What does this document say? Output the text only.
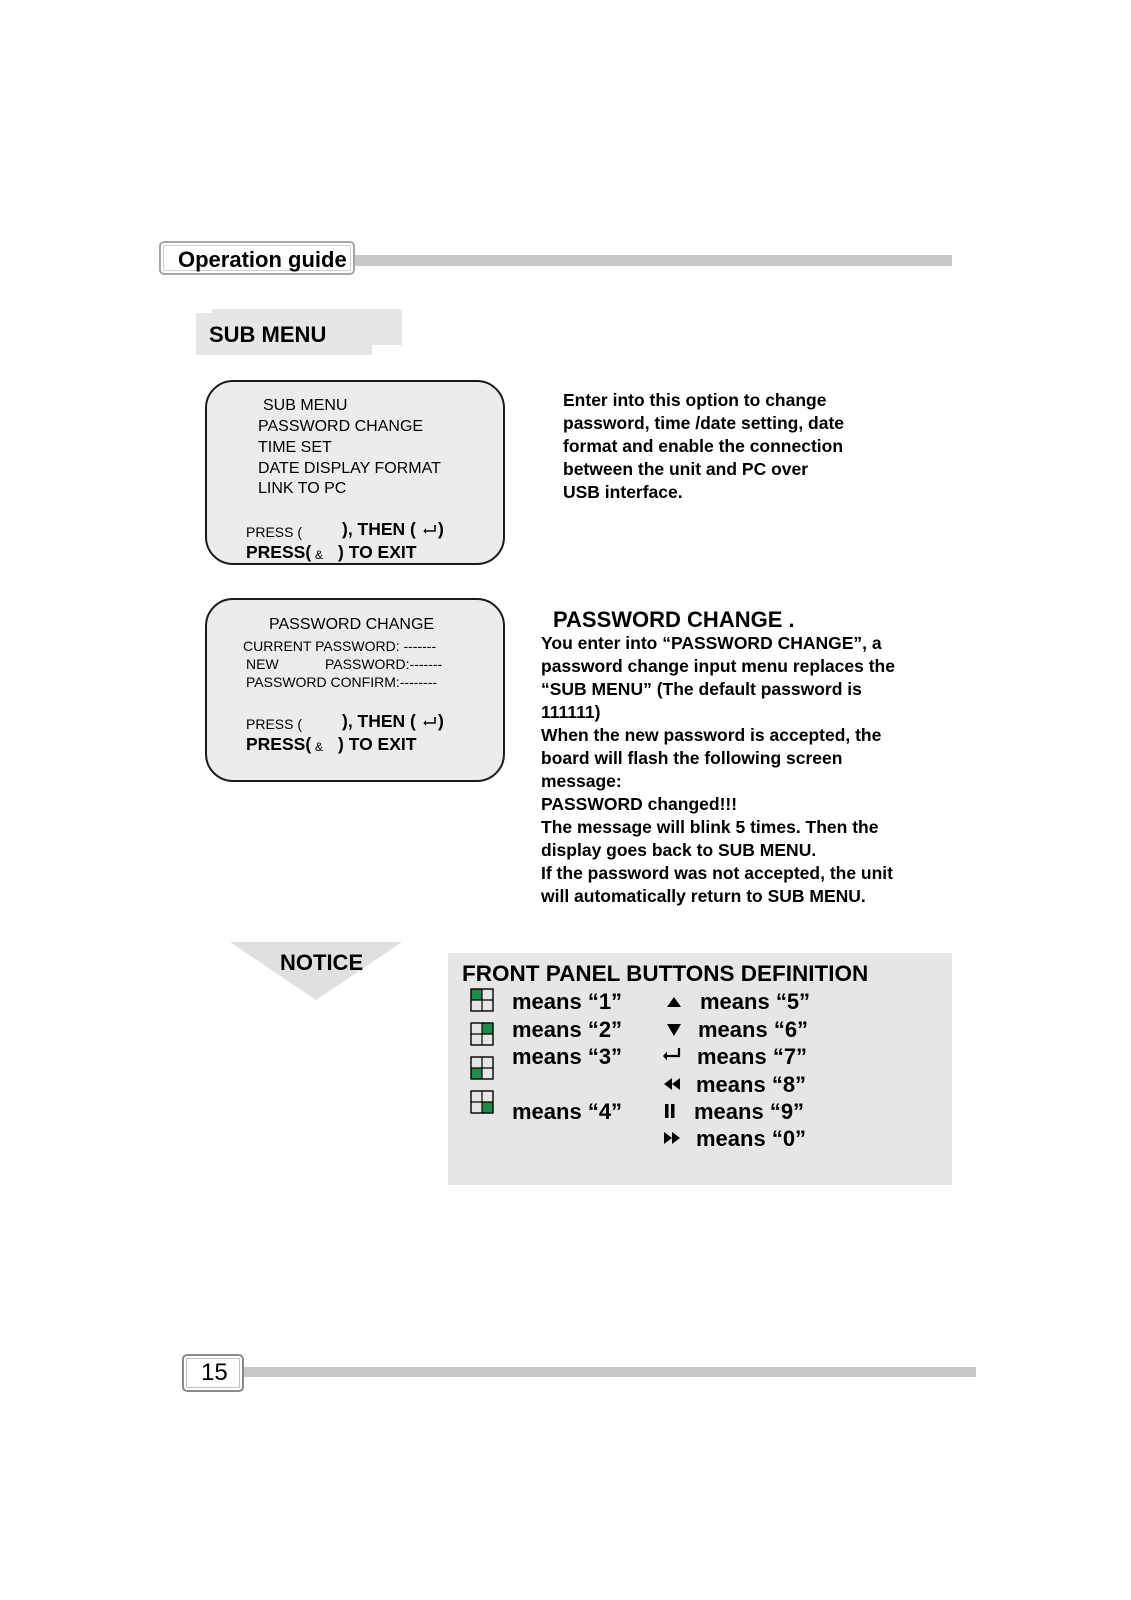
Operation guide
SUB MENU
SUB MENU
PASSWORD CHANGE
TIME SET
DATE DISPLAY FORMAT
LINK TO PC
PRESS ( ), THEN ( )
PRESS( & ) TO EXIT
Enter into this option to change
password, time /date setting, date
format and enable the connection
between the unit and PC over
USB interface.
PASSWORD CHANGE
CURRENT PASSWORD: -------
NEW	PASSWORD:-------
PASSWORD CONFIRM:--------
PRESS ( ), THEN ( )
PRESS( & ) TO EXIT
PASSWORD CHANGE .
You enter into “PASSWORD CHANGE”, a
password change input menu replaces the
“SUB MENU” (The default password is
111111)
When the new password is accepted, the
board will flash the following screen
message:
PASSWORD changed!!!
The message will blink 5 times. Then the
display goes back to SUB MENU.
If the password was not accepted, the unit
will automatically return to SUB MENU.
NOTICE	FRONT PANEL BUTTONS DEFINITION
means “1”
means “2”
means “3”
means “4”
means “5”
means “6”
means “7”
means “8”
means “9”
means “0”
15
